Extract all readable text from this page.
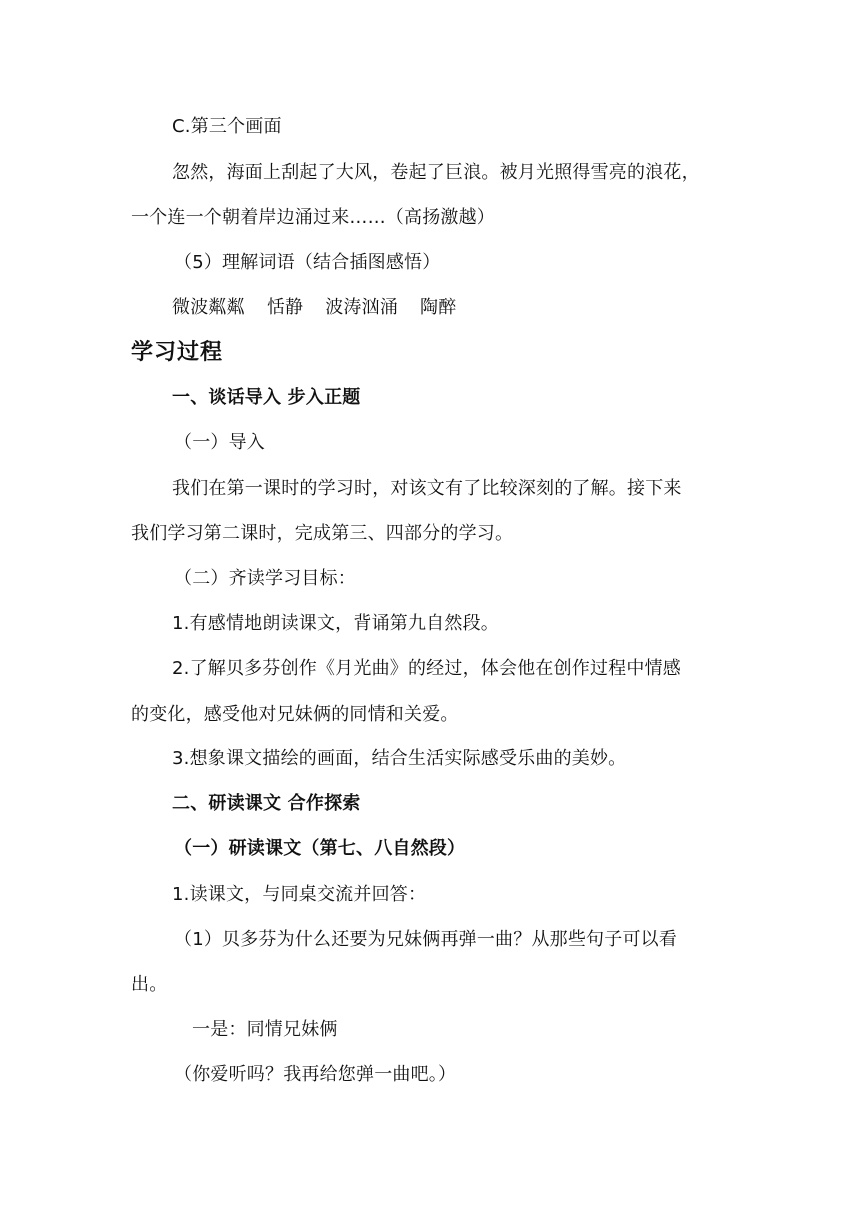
C.第三个画面
忽然，海面上刮起了大风，卷起了巨浪。被月光照得雪亮的浪花，
一个连一个朝着岸边涌过来……（高扬激越）
（5）理解词语（结合插图感悟）
微波粼粼 恬静 波涛汹涌 陶醉
学习过程
一、谈话导入 步入正题
（一）导入
我们在第一课时的学习时，对该文有了比较深刻的了解。接下来
我们学习第二课时，完成第三、四部分的学习。
（二）齐读学习目标：
1.有感情地朗读课文，背诵第九自然段。
2.了解贝多芬创作《月光曲》的经过，体会他在创作过程中情感
的变化，感受他对兄妹俩的同情和关爱。
3.想象课文描绘的画面，结合生活实际感受乐曲的美妙。
二、研读课文 合作探索
（一）研读课文（第七、八自然段）
1.读课文，与同桌交流并回答：
（1）贝多芬为什么还要为兄妹俩再弹一曲？从那些句子可以看
出。
一是：同情兄妹俩
（你爱听吗？我再给您弹一曲吧。）
